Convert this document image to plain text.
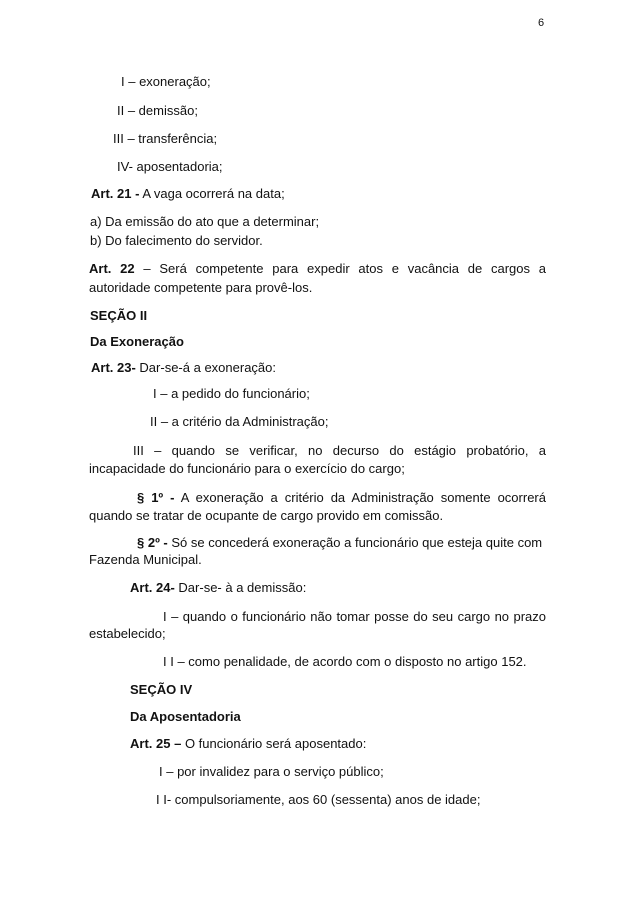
6
I – exoneração;
II – demissão;
III – transferência;
IV- aposentadoria;
Art. 21 - A vaga ocorrerá na data;
a) Da emissão do ato que a determinar;
b) Do falecimento do servidor.
Art. 22 – Será competente para expedir atos e vacância de cargos a
autoridade competente para provê-los.
SEÇÃO II
Da Exoneração
Art. 23- Dar-se-á a exoneração:
I – a pedido do funcionário;
II – a critério da Administração;
III – quando se verificar, no decurso do estágio probatório, a
incapacidade do funcionário para o exercício do cargo;
§ 1º - A exoneração a critério da Administração somente ocorrerá
quando se tratar de ocupante de cargo provido em comissão.
§ 2º - Só se concederá exoneração a funcionário que esteja quite com
Fazenda Municipal.
Art. 24- Dar-se- à a demissão:
I – quando o funcionário não tomar posse do seu cargo no prazo
estabelecido;
I I – como penalidade, de acordo com o disposto no artigo 152.
SEÇÃO IV
Da Aposentadoria
Art. 25 – O funcionário será aposentado:
I – por invalidez para o serviço público;
I I- compulsoriamente, aos 60 (sessenta) anos de idade;
